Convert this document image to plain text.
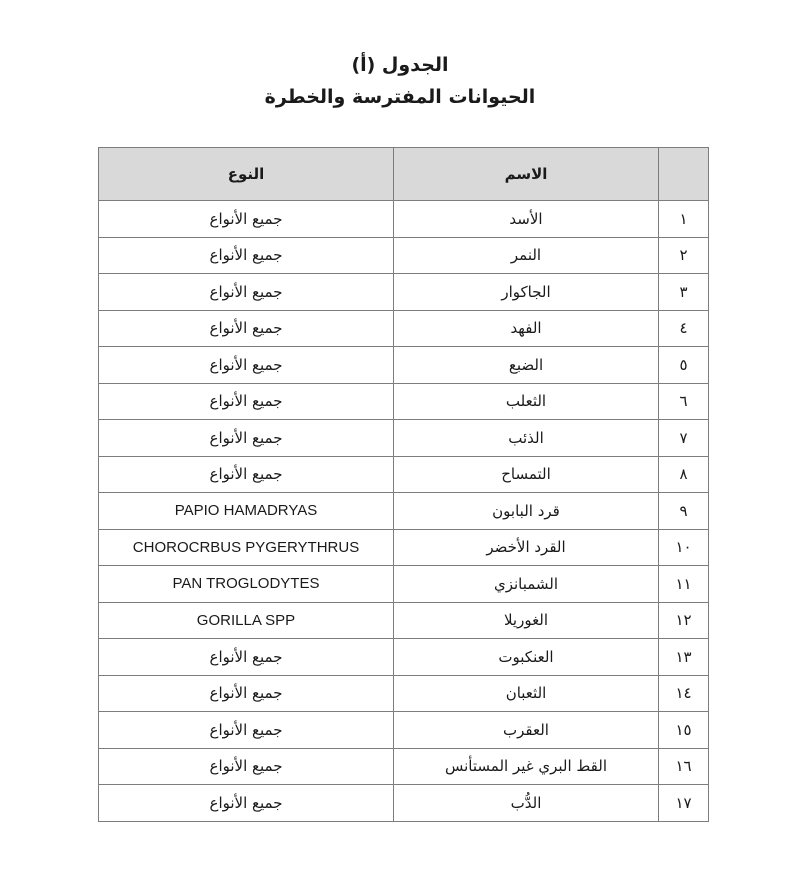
الجدول (أ)
الحيوانات المفترسة والخطرة
	الاسم	النوع
١	الأسد	جميع الأنواع
٢	النمر	جميع الأنواع
٣	الجاكوار	جميع الأنواع
٤	الفهد	جميع الأنواع
٥	الضبع	جميع الأنواع
٦	الثعلب	جميع الأنواع
٧	الذئب	جميع الأنواع
٨	التمساح	جميع الأنواع
٩	قرد البابون	PAPIO HAMADRYAS
١٠	القرد الأخضر	CHOROCRBUS PYGERYTHRUS
١١	الشمبانزي	PAN TROGLODYTES
١٢	الغوريلا	GORILLA SPP
١٣	العنكبوت	جميع الأنواع
١٤	الثعبان	جميع الأنواع
١٥	العقرب	جميع الأنواع
١٦	القط البري غير المستأنس	جميع الأنواع
١٧	الدُّب	جميع الأنواع
